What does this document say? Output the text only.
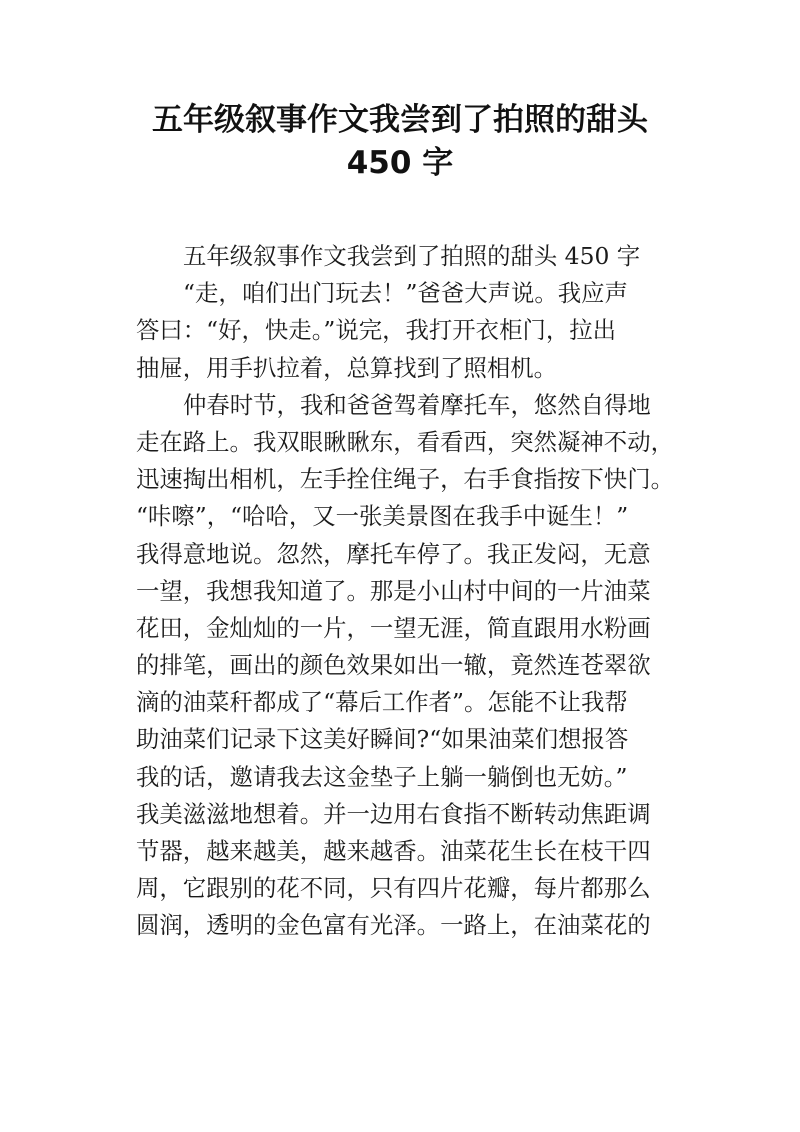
五年级叙事作文我尝到了拍照的甜头
450 字
五年级叙事作文我尝到了拍照的甜头 450 字
“走，咱们出门玩去！”爸爸大声说。我应声
答曰：“好，快走。”说完，我打开衣柜门，拉出
抽屉，用手扒拉着，总算找到了照相机。
仲春时节，我和爸爸驾着摩托车，悠然自得地
走在路上。我双眼瞅瞅东，看看西，突然凝神不动，
迅速掏出相机，左手拴住绳子，右手食指按下快门。
“咔嚓”，“哈哈，又一张美景图在我手中诞生！”
我得意地说。忽然，摩托车停了。我正发闷，无意
一望，我想我知道了。那是小山村中间的一片油菜
花田，金灿灿的一片，一望无涯，简直跟用水粉画
的排笔，画出的颜色效果如出一辙，竟然连苍翠欲
滴的油菜秆都成了“幕后工作者”。怎能不让我帮
助油菜们记录下这美好瞬间?“如果油菜们想报答
我的话，邀请我去这金垫子上躺一躺倒也无妨。”
我美滋滋地想着。并一边用右食指不断转动焦距调
节器，越来越美，越来越香。油菜花生长在枝干四
周，它跟别的花不同，只有四片花瓣，每片都那么
圆润，透明的金色富有光泽。一路上，在油菜花的
